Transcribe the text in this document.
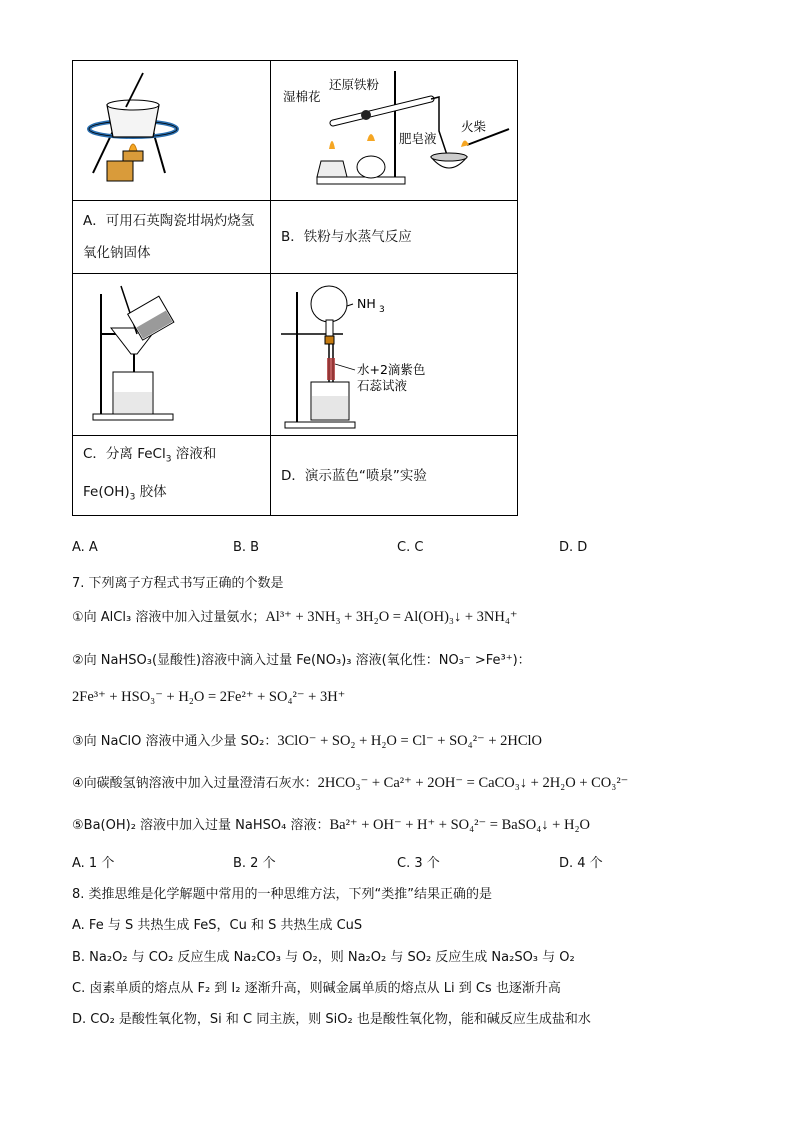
湿棉花
还原铁粉
肥皂液
火柴

A．可用石英陶瓷坩埚灼烧氢
氧化钠固体	B．铁粉与水蒸气反应

NH 3
水+2滴紫色
石蕊试液

C．分离 FeCl$_3$ 溶液和
$Fe(OH)_3$ 胶体	D．演示蓝色“喷泉”实验
A. A	B. B	C. C	D. D
7. 下列离子方程式书写正确的个数是
①向 AlCl₃ 溶液中加入过量氨水；Al³⁺ + 3NH₃ + 3H₂O = Al(OH)₃↓ + 3NH₄⁺
②向 NaHSO₃(显酸性)溶液中滴入过量 Fe(NO₃)₃ 溶液(氧化性：NO₃⁻ >Fe³⁺)：
2Fe³⁺ + HSO₃⁻ + H₂O = 2Fe²⁺ + SO₄²⁻ + 3H⁺
③向 NaClO 溶液中通入少量 SO₂：3ClO⁻ + SO₂ + H₂O = Cl⁻ + SO₄²⁻ + 2HClO
④向碳酸氢钠溶液中加入过量澄清石灰水：2HCO₃⁻ + Ca²⁺ + 2OH⁻ = CaCO₃↓ + 2H₂O + CO₃²⁻
⑤Ba(OH)₂ 溶液中加入过量 NaHSO₄ 溶液：Ba²⁺ + OH⁻ + H⁺ + SO₄²⁻ = BaSO₄↓ + H₂O
A. 1 个	B. 2 个	C. 3 个	D. 4 个
8. 类推思维是化学解题中常用的一种思维方法，下列“类推”结果正确的是
A. Fe 与 S 共热生成 FeS，Cu 和 S 共热生成 CuS
B. Na₂O₂ 与 CO₂ 反应生成 Na₂CO₃ 与 O₂，则 Na₂O₂ 与 SO₂ 反应生成 Na₂SO₃ 与 O₂
C. 卤素单质的熔点从 F₂ 到 I₂ 逐渐升高，则碱金属单质的熔点从 Li 到 Cs 也逐渐升高
D. CO₂ 是酸性氧化物，Si 和 C 同主族，则 SiO₂ 也是酸性氧化物，能和碱反应生成盐和水
